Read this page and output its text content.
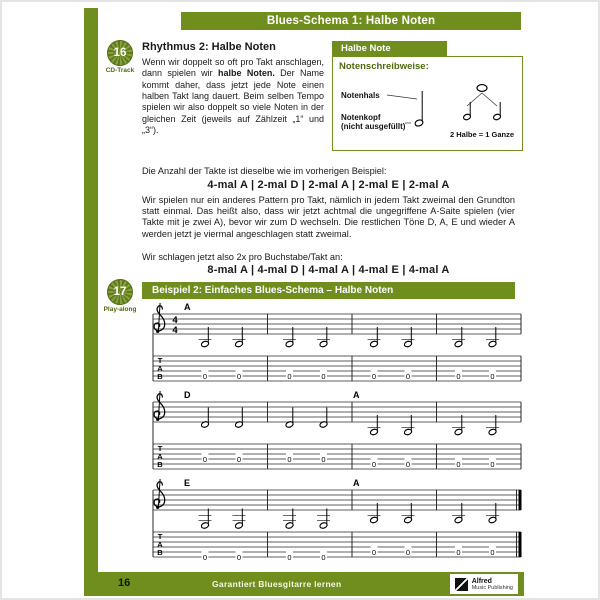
Blues-Schema 1: Halbe Noten
16
CD-Track
Rhythmus 2: Halbe Noten
Wenn wir doppelt so oft pro Takt anschlagen, dann spielen wir halbe Noten. Der Name kommt daher, dass jetzt jede Note einen halben Takt lang dauert. Beim selben Tempo spielen wir also doppelt so viele Noten in der gleichen Zeit (jeweils auf Zählzeit „1“ und „3“).
Halbe Note
Notenschreibweise:
Notenhals
Notenkopf
(nicht ausgefüllt)
2 Halbe = 1 Ganze
Die Anzahl der Takte ist dieselbe wie im vorherigen Beispiel:
4-mal A | 2-mal D | 2-mal A | 2-mal E | 2-mal A
Wir spielen nur ein anderes Pattern pro Takt, nämlich in jedem Takt zweimal den Grundton statt einmal. Das heißt also, dass wir jetzt achtmal die ungegriffene A-Saite spielen (vier Takte mit je zwei A), bevor wir zum D wechseln. Die restlichen Töne D, A, E und wieder A werden jetzt je viermal angeschlagen statt zweimal.
Wir schlagen jetzt also 2x pro Buchstabe/Takt an:
8-mal A | 4-mal D | 4-mal A | 4-mal E | 4-mal A
17
Play-along
Beispiel 2: Einfaches Blues-Schema – Halbe Noten
T
A
B
4
4
A
0	0	0	0	0	0	0	0
T
A
B
D
0	0	0	0
A
0	0	0	0
T
A
B
E
0	0	0	0
A
0	0	0	0
16	Garantiert Bluesgitarre lernen	Alfred
Music Publishing
